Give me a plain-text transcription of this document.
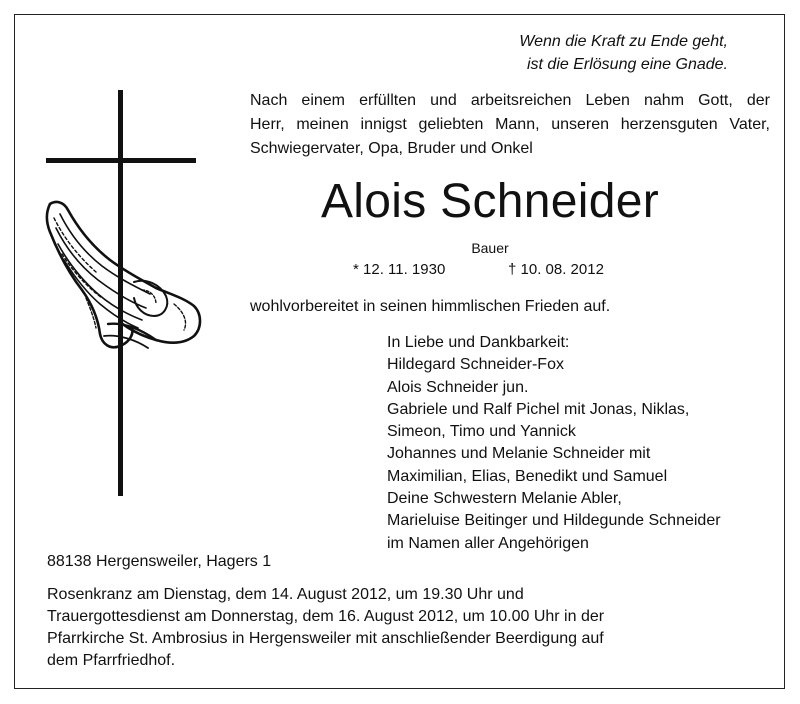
Wenn die Kraft zu Ende geht,
ist die Erlösung eine Gnade.
Nach einem erfüllten und arbeitsreichen Leben nahm Gott, der
Herr, meinen innigst geliebten Mann, unseren herzensguten Vater,
Schwiegervater, Opa, Bruder und Onkel
Alois Schneider
Bauer
* 12. 11. 1930	† 10. 08. 2012
wohlvorbereitet in seinen himmlischen Frieden auf.
In Liebe und Dankbarkeit:
Hildegard Schneider-Fox
Alois Schneider jun.
Gabriele und Ralf Pichel mit Jonas, Niklas,
Simeon, Timo und Yannick
Johannes und Melanie Schneider mit
Maximilian, Elias, Benedikt und Samuel
Deine Schwestern Melanie Abler,
Marieluise Beitinger und Hildegunde Schneider
im Namen aller Angehörigen
88138 Hergensweiler, Hagers 1
Rosenkranz am Dienstag, dem 14. August 2012, um 19.30 Uhr und
Trauergottesdienst am Donnerstag, dem 16. August 2012, um 10.00 Uhr in der
Pfarrkirche St. Ambrosius in Hergensweiler mit anschließender Beerdigung auf
dem Pfarrfriedhof.
